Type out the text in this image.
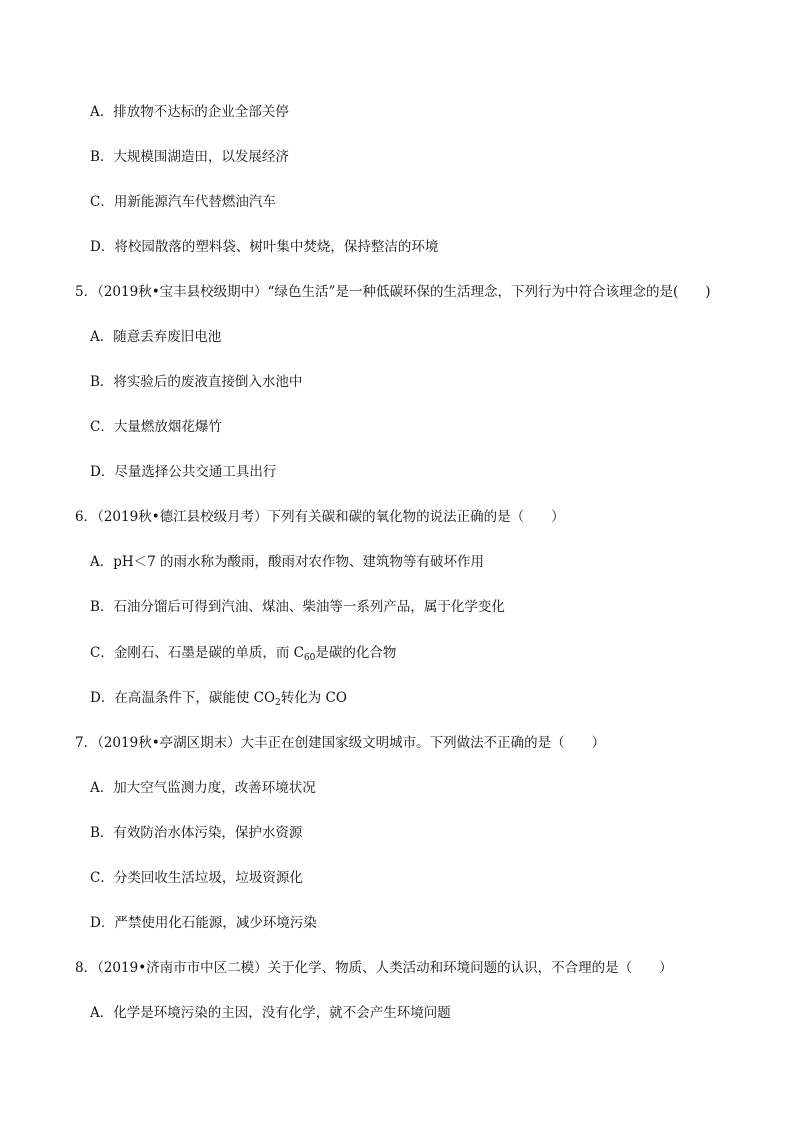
A．排放物不达标的企业全部关停
B．大规模围湖造田，以发展经济
C．用新能源汽车代替燃油汽车
D．将校园散落的塑料袋、树叶集中焚烧，保持整洁的环境
5．（2019秋•宝丰县校级期中）“绿色生活”是一种低碳环保的生活理念，下列行为中符合该理念的是(　　)
A．随意丢弃废旧电池
B．将实验后的废液直接倒入水池中
C．大量燃放烟花爆竹
D．尽量选择公共交通工具出行
6．（2019秋•德江县校级月考）下列有关碳和碳的氧化物的说法正确的是（　　）
A．pH＜7 的雨水称为酸雨，酸雨对农作物、建筑物等有破坏作用
B．石油分馏后可得到汽油、煤油、柴油等一系列产品，属于化学变化
C．金刚石、石墨是碳的单质，而 $C_{60}$是碳的化合物
D．在高温条件下，碳能使 $CO_2$转化为 CO
7．（2019秋•亭湖区期末）大丰正在创建国家级文明城市。下列做法不正确的是（　　）
A．加大空气监测力度，改善环境状况
B．有效防治水体污染，保护水资源
C．分类回收生活垃圾，垃圾资源化
D．严禁使用化石能源，减少环境污染
8．（2019•济南市市中区二模）关于化学、物质、人类活动和环境问题的认识，不合理的是（　　）
A．化学是环境污染的主因，没有化学，就不会产生环境问题
